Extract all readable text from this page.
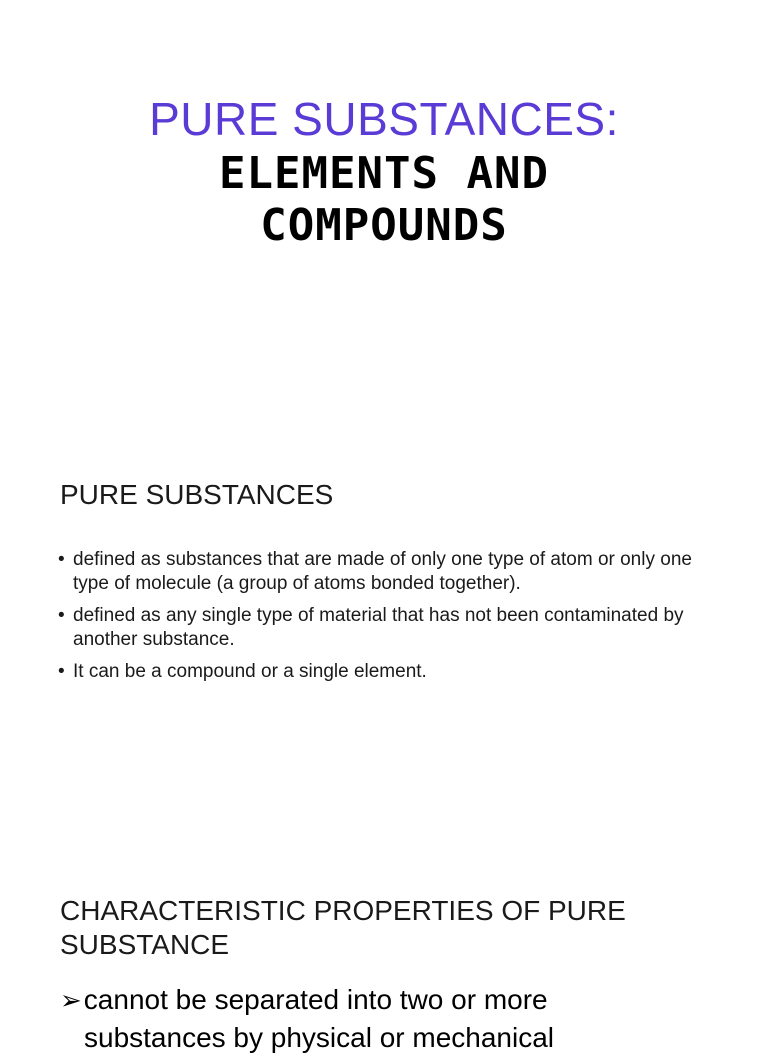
PURE SUBSTANCES:
ELEMENTS AND
COMPOUNDS
PURE SUBSTANCES
• defined as substances that are made of only one type of atom or only one type of molecule (a group of atoms bonded together).
• defined as any single type of material that has not been contaminated by another substance.
• It can be a compound or a single element.
CHARACTERISTIC PROPERTIES OF PURE SUBSTANCE
➢cannot be separated into two or more
substances by physical or mechanical
